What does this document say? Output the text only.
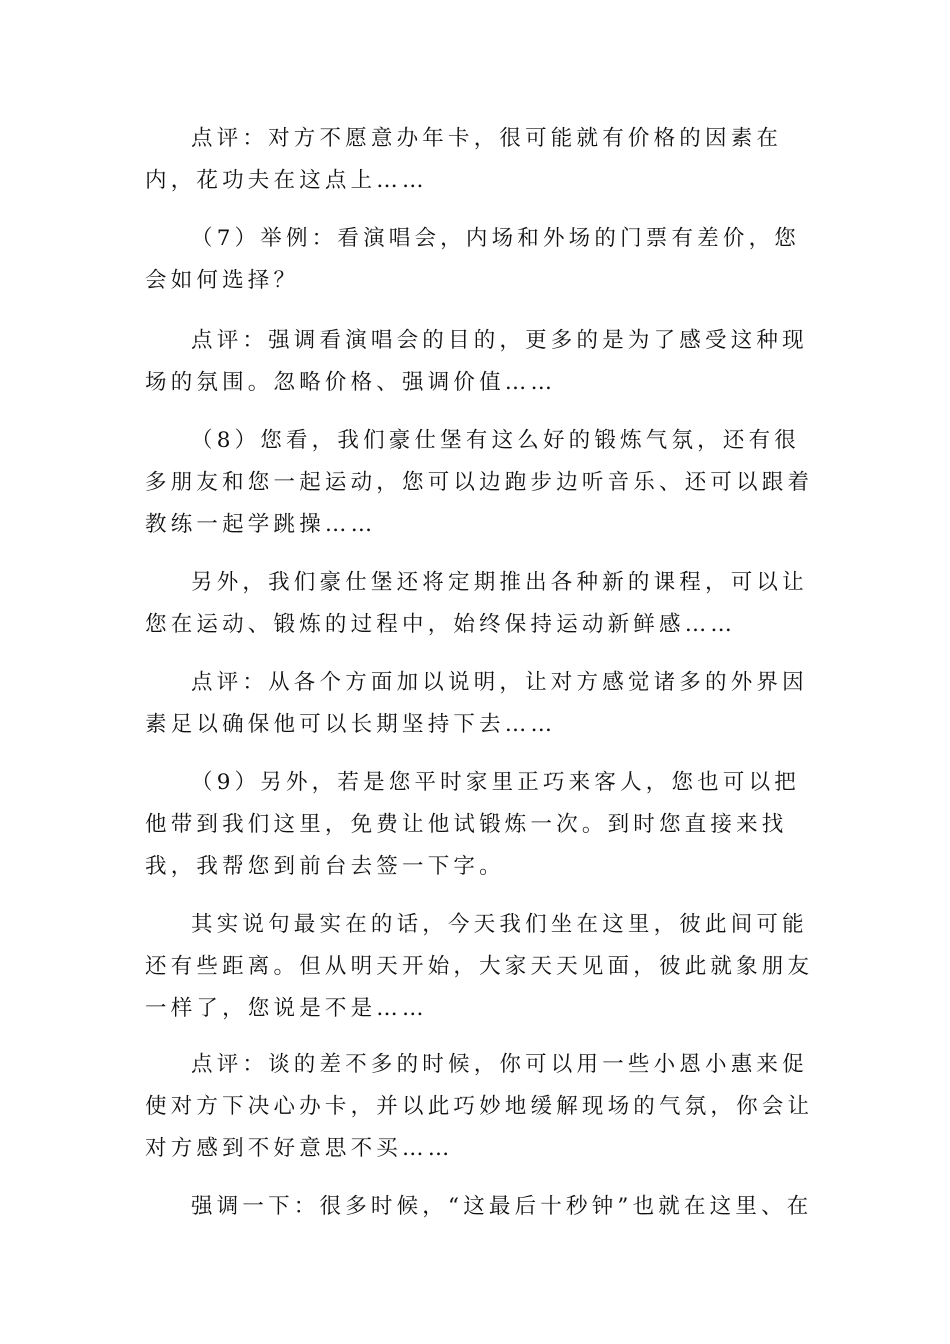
点评：对方不愿意办年卡，很可能就有价格的因素在内，花功夫在这点上……

（7）举例：看演唱会，内场和外场的门票有差价，您会如何选择？

点评：强调看演唱会的目的，更多的是为了感受这种现场的氛围。忽略价格、强调价值……

（8）您看，我们豪仕堡有这么好的锻炼气氛，还有很多朋友和您一起运动，您可以边跑步边听音乐、还可以跟着教练一起学跳操……

另外，我们豪仕堡还将定期推出各种新的课程，可以让您在运动、锻炼的过程中，始终保持运动新鲜感……

点评：从各个方面加以说明，让对方感觉诸多的外界因素足以确保他可以长期坚持下去……

（9）另外，若是您平时家里正巧来客人，您也可以把他带到我们这里，免费让他试锻炼一次。到时您直接来找我，我帮您到前台去签一下字。

其实说句最实在的话，今天我们坐在这里，彼此间可能还有些距离。但从明天开始，大家天天见面，彼此就象朋友一样了，您说是不是……

点评：谈的差不多的时候，你可以用一些小恩小惠来促使对方下决心办卡，并以此巧妙地缓解现场的气氛，你会让对方感到不好意思不买……

强调一下：很多时候，“这最后十秒钟”也就在这里、在
